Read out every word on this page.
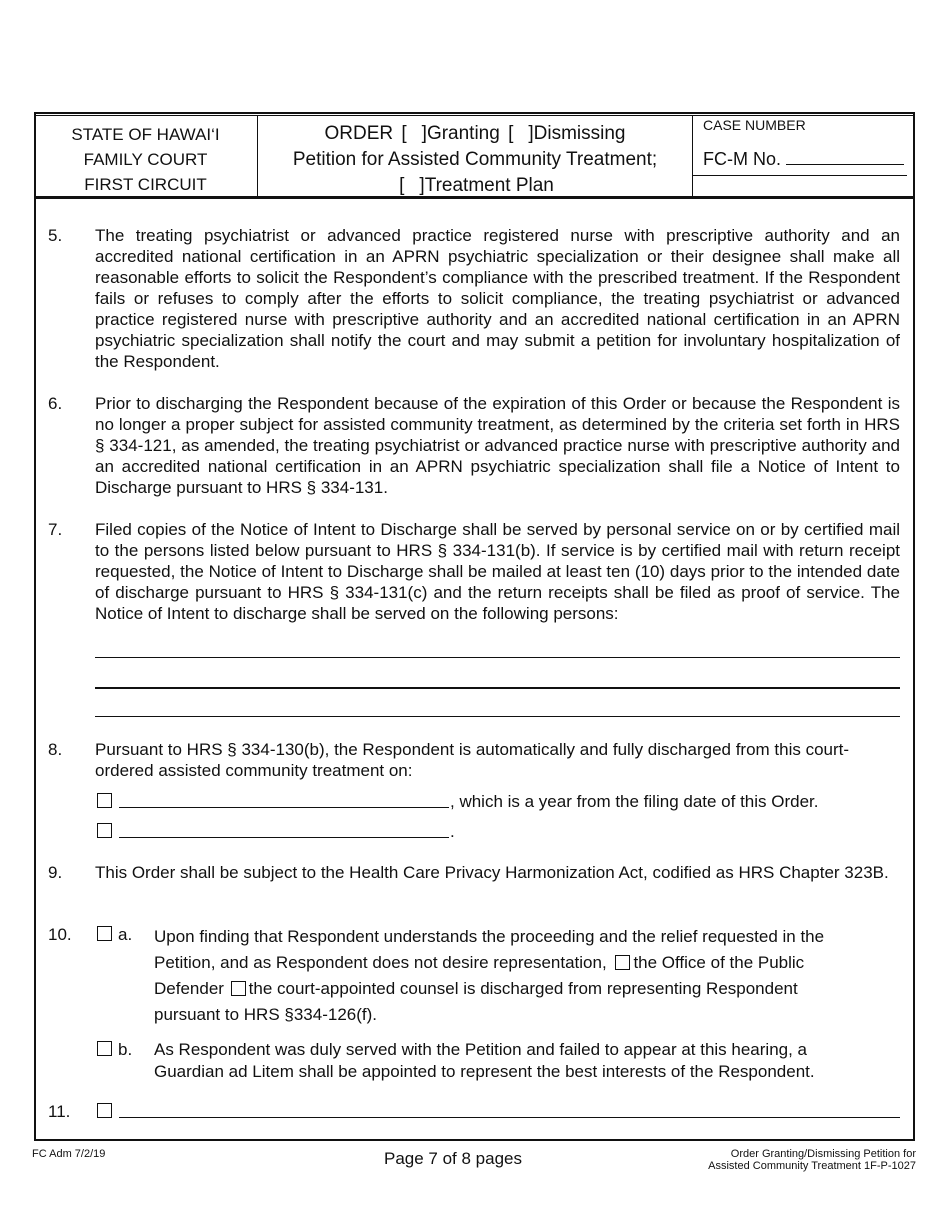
STATE OF HAWAI‘I
FAMILY COURT
FIRST CIRCUIT
ORDER [ ]Granting [ ]Dismissing
Petition for Assisted Community Treatment;
[ ]Treatment Plan
CASE NUMBER
FC-M No.
5. The treating psychiatrist or advanced practice registered nurse with prescriptive authority and an accredited national certification in an APRN psychiatric specialization or their designee shall make all reasonable efforts to solicit the Respondent’s compliance with the prescribed treatment. If the Respondent fails or refuses to comply after the efforts to solicit compliance, the treating psychiatrist or advanced practice registered nurse with prescriptive authority and an accredited national certification in an APRN psychiatric specialization shall notify the court and may submit a petition for involuntary hospitalization of the Respondent.
6. Prior to discharging the Respondent because of the expiration of this Order or because the Respondent is no longer a proper subject for assisted community treatment, as determined by the criteria set forth in HRS § 334-121, as amended, the treating psychiatrist or advanced practice nurse with prescriptive authority and an accredited national certification in an APRN psychiatric specialization shall file a Notice of Intent to Discharge pursuant to HRS § 334-131.
7. Filed copies of the Notice of Intent to Discharge shall be served by personal service on or by certified mail to the persons listed below pursuant to HRS § 334-131(b). If service is by certified mail with return receipt requested, the Notice of Intent to Discharge shall be mailed at least ten (10) days prior to the intended date of discharge pursuant to HRS § 334-131(c) and the return receipts shall be filed as proof of service. The Notice of Intent to discharge shall be served on the following persons:
8. Pursuant to HRS § 334-130(b), the Respondent is automatically and fully discharged from this court-ordered assisted community treatment on:
, which is a year from the filing date of this Order.
.
9. This Order shall be subject to the Health Care Privacy Harmonization Act, codified as HRS Chapter 323B.
10.	a. Upon finding that Respondent understands the proceeding and the relief requested in the
Petition, and as Respondent does not desire representation, the Office of the Public
Defender the court-appointed counsel is discharged from representing Respondent
pursuant to HRS §334-126(f).
b. As Respondent was duly served with the Petition and failed to appear at this hearing, a
Guardian ad Litem shall be appointed to represent the best interests of the Respondent.
11.
FC Adm 7/2/19	Page 7 of 8 pages	Order Granting/Dismissing Petition for
Assisted Community Treatment 1F-P-1027
